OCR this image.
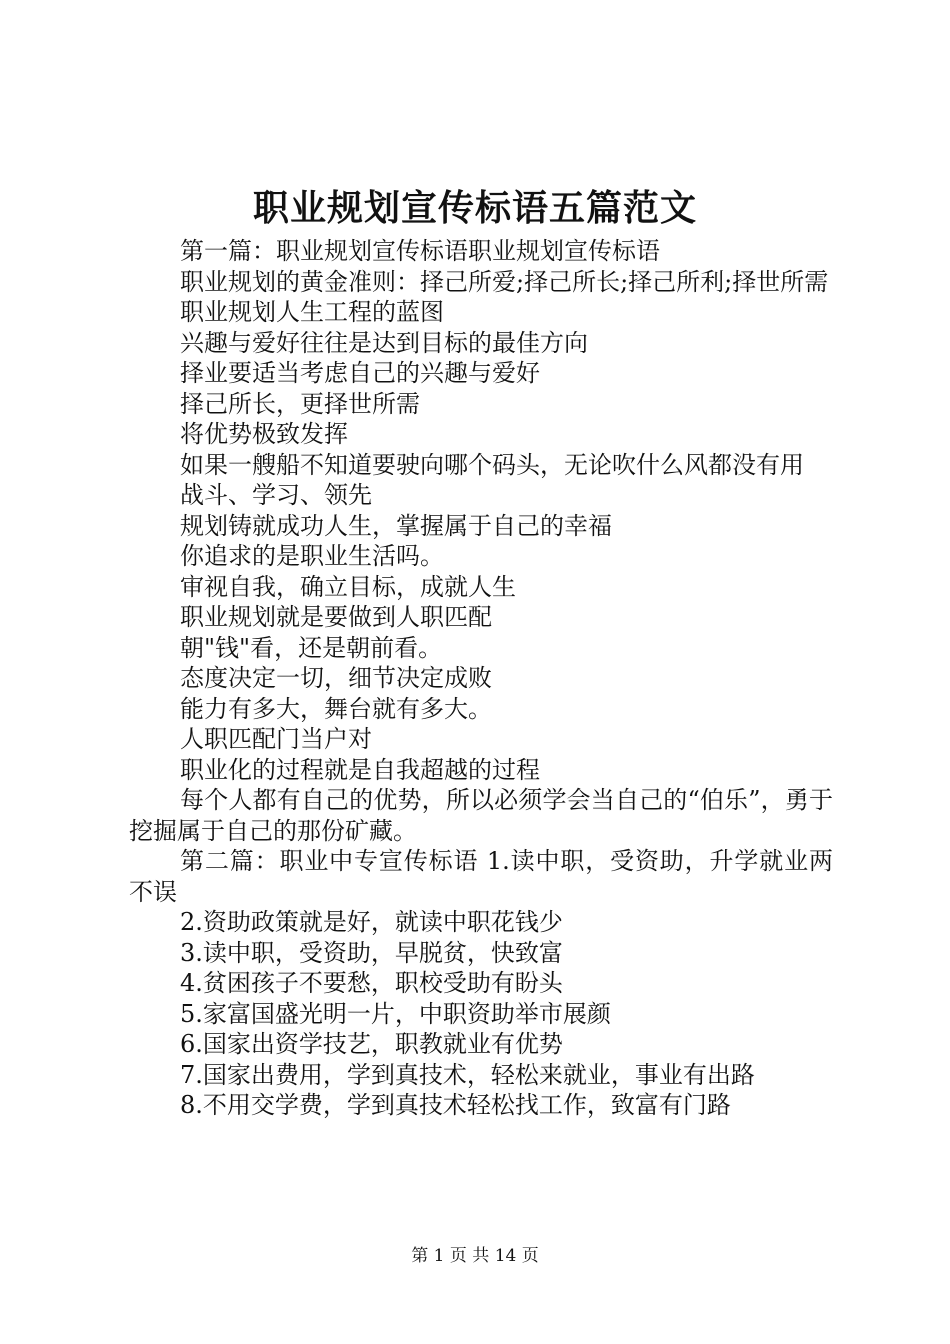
职业规划宣传标语五篇范文

第一篇：职业规划宣传标语职业规划宣传标语

职业规划的黄金准则：择己所爱;择己所长;择己所利;择世所需

职业规划人生工程的蓝图

兴趣与爱好往往是达到目标的最佳方向

择业要适当考虑自己的兴趣与爱好

择己所长，更择世所需

将优势极致发挥

如果一艘船不知道要驶向哪个码头，无论吹什么风都没有用

战斗、学习、领先

规划铸就成功人生，掌握属于自己的幸福

你追求的是职业生活吗。

审视自我，确立目标，成就人生

职业规划就是要做到人职匹配

朝"钱"看，还是朝前看。

态度决定一切，细节决定成败

能力有多大，舞台就有多大。

人职匹配门当户对

职业化的过程就是自我超越的过程

每个人都有自己的优势，所以必须学会当自己的“伯乐”，勇于挖掘属于自己的那份矿藏。

第二篇：职业中专宣传标语 1.读中职，受资助，升学就业两不误

2.资助政策就是好，就读中职花钱少

3.读中职，受资助，早脱贫，快致富

4.贫困孩子不要愁，职校受助有盼头

5.家富国盛光明一片，中职资助举市展颜

6.国家出资学技艺，职教就业有优势

7.国家出费用，学到真技术，轻松来就业，事业有出路

8.不用交学费，学到真技术轻松找工作，致富有门路

第 1 页 共 14 页
